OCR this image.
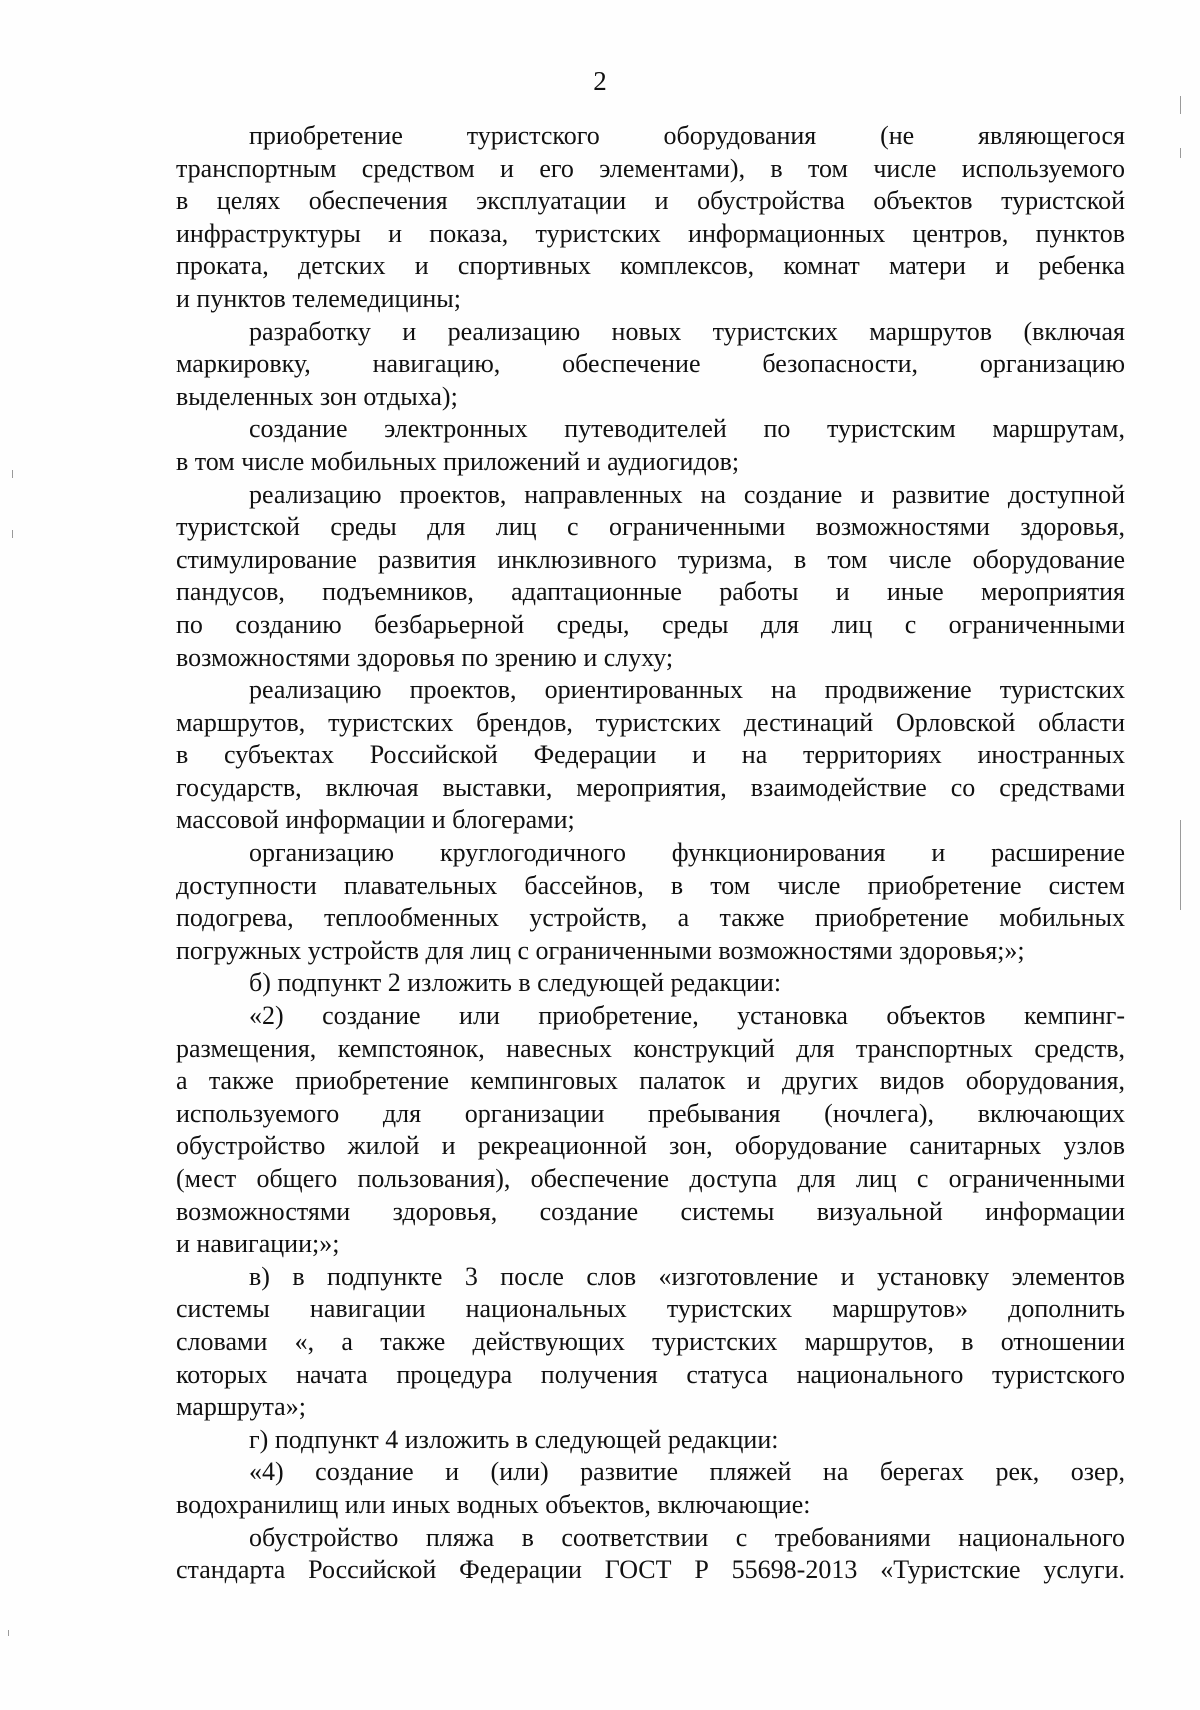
2

приобретение туристского оборудования (не являющегося
транспортным средством и его элементами), в том числе используемого
в целях обеспечения эксплуатации и обустройства объектов туристской
инфраструктуры и показа, туристских информационных центров, пунктов
проката, детских и спортивных комплексов, комнат матери и ребенка
и пунктов телемедицины;

разработку и реализацию новых туристских маршрутов (включая
маркировку, навигацию, обеспечение безопасности, организацию
выделенных зон отдыха);

создание электронных путеводителей по туристским маршрутам,
в том числе мобильных приложений и аудиогидов;

реализацию проектов, направленных на создание и развитие доступной
туристской среды для лиц с ограниченными возможностями здоровья,
стимулирование развития инклюзивного туризма, в том числе оборудование
пандусов, подъемников, адаптационные работы и иные мероприятия
по созданию безбарьерной среды, среды для лиц с ограниченными
возможностями здоровья по зрению и слуху;

реализацию проектов, ориентированных на продвижение туристских
маршрутов, туристских брендов, туристских дестинаций Орловской области
в субъектах Российской Федерации и на территориях иностранных
государств, включая выставки, мероприятия, взаимодействие со средствами
массовой информации и блогерами;

организацию круглогодичного функционирования и расширение
доступности плавательных бассейнов, в том числе приобретение систем
подогрева, теплообменных устройств, а также приобретение мобильных
погружных устройств для лиц с ограниченными возможностями здоровья;»;

б) подпункт 2 изложить в следующей редакции:

«2) создание или приобретение, установка объектов кемпинг-
размещения, кемпстоянок, навесных конструкций для транспортных средств,
а также приобретение кемпинговых палаток и других видов оборудования,
используемого для организации пребывания (ночлега), включающих
обустройство жилой и рекреационной зон, оборудование санитарных узлов
(мест общего пользования), обеспечение доступа для лиц с ограниченными
возможностями здоровья, создание системы визуальной информации
и навигации;»;

в) в подпункте 3 после слов «изготовление и установку элементов
системы навигации национальных туристских маршрутов» дополнить
словами «, а также действующих туристских маршрутов, в отношении
которых начата процедура получения статуса национального туристского
маршрута»;

г) подпункт 4 изложить в следующей редакции:

«4) создание и (или) развитие пляжей на берегах рек, озер,
водохранилищ или иных водных объектов, включающие:

обустройство пляжа в соответствии с требованиями национального
стандарта Российской Федерации ГОСТ Р 55698-2013 «Туристские услуги.
